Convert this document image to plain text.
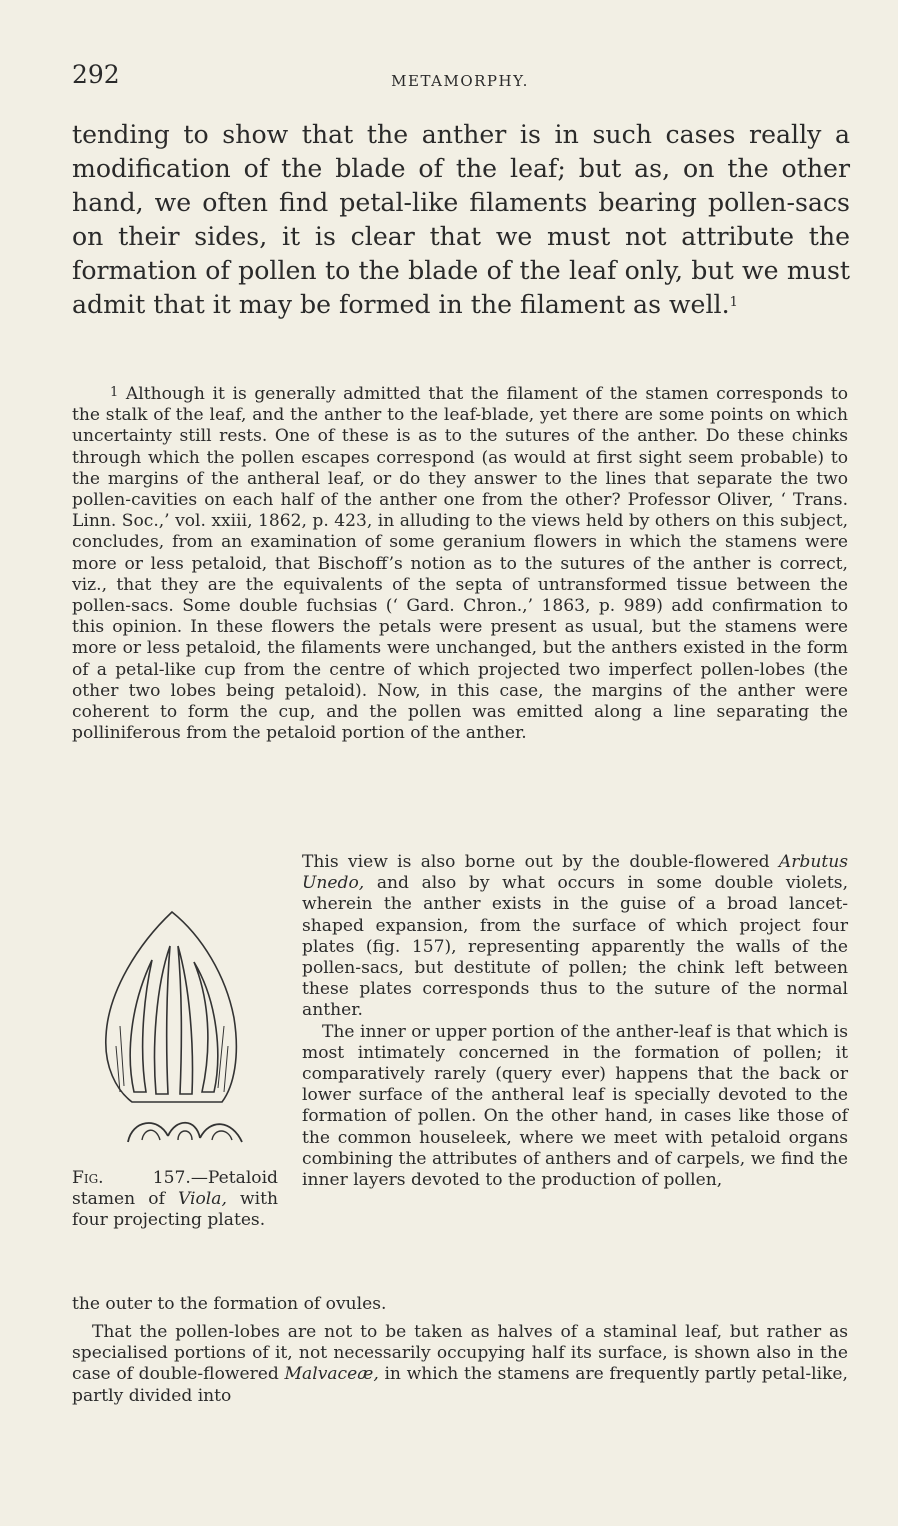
292	METAMORPHY.

tending to show that the anther is in such cases really a modification of the blade of the leaf; but as, on the other hand, we often find petal-like filaments bearing pollen-sacs on their sides, it is clear that we must not attribute the formation of pollen to the blade of the leaf only, but we must admit that it may be formed in the filament as well.$^1$

$^1$ Although it is generally admitted that the filament of the stamen corresponds to the stalk of the leaf, and the anther to the leaf-blade, yet there are some points on which uncertainty still rests. One of these is as to the sutures of the anther. Do these chinks through which the pollen escapes correspond (as would at first sight seem probable) to the margins of the antheral leaf, or do they answer to the lines that separate the two pollen-cavities on each half of the anther one from the other? Professor Oliver, ‘ Trans. Linn. Soc.,’ vol. xxiii, 1862, p. 423, in alluding to the views held by others on this subject, concludes, from an examination of some geranium flowers in which the stamens were more or less petaloid, that Bischoff’s notion as to the sutures of the anther is correct, viz., that they are the equivalents of the septa of untransformed tissue between the pollen-sacs. Some double fuchsias (‘ Gard. Chron.,’ 1863, p. 989) add confirmation to this opinion. In these flowers the petals were present as usual, but the stamens were more or less petaloid, the filaments were unchanged, but the anthers existed in the form of a petal-like cup from the centre of which projected two imperfect pollen-lobes (the other two lobes being petaloid). Now, in this case, the margins of the anther were coherent to form the cup, and the pollen was emitted along a line separating the polliniferous from the petaloid portion of the anther.

Fig. 157.—Petaloid stamen of Viola, with four projecting plates.

This view is also borne out by the double-flowered Arbutus Unedo, and also by what occurs in some double violets, wherein the anther exists in the guise of a broad lancet-shaped expansion, from the surface of which project four plates (fig. 157), representing apparently the walls of the pollen-sacs, but destitute of pollen; the chink left between these plates corresponds thus to the suture of the normal anther.

The inner or upper portion of the anther-leaf is that which is most intimately concerned in the formation of pollen; it comparatively rarely (query ever) happens that the back or lower surface of the antheral leaf is specially devoted to the formation of pollen. On the other hand, in cases like those of the common houseleek, where we meet with petaloid organs combining the attributes of anthers and of carpels, we find the inner layers devoted to the production of pollen,

the outer to the formation of ovules.

That the pollen-lobes are not to be taken as halves of a staminal leaf, but rather as specialised portions of it, not necessarily occupying half its surface, is shown also in the case of double-flowered Malvaceæ, in which the stamens are frequently partly petal-like, partly divided into
